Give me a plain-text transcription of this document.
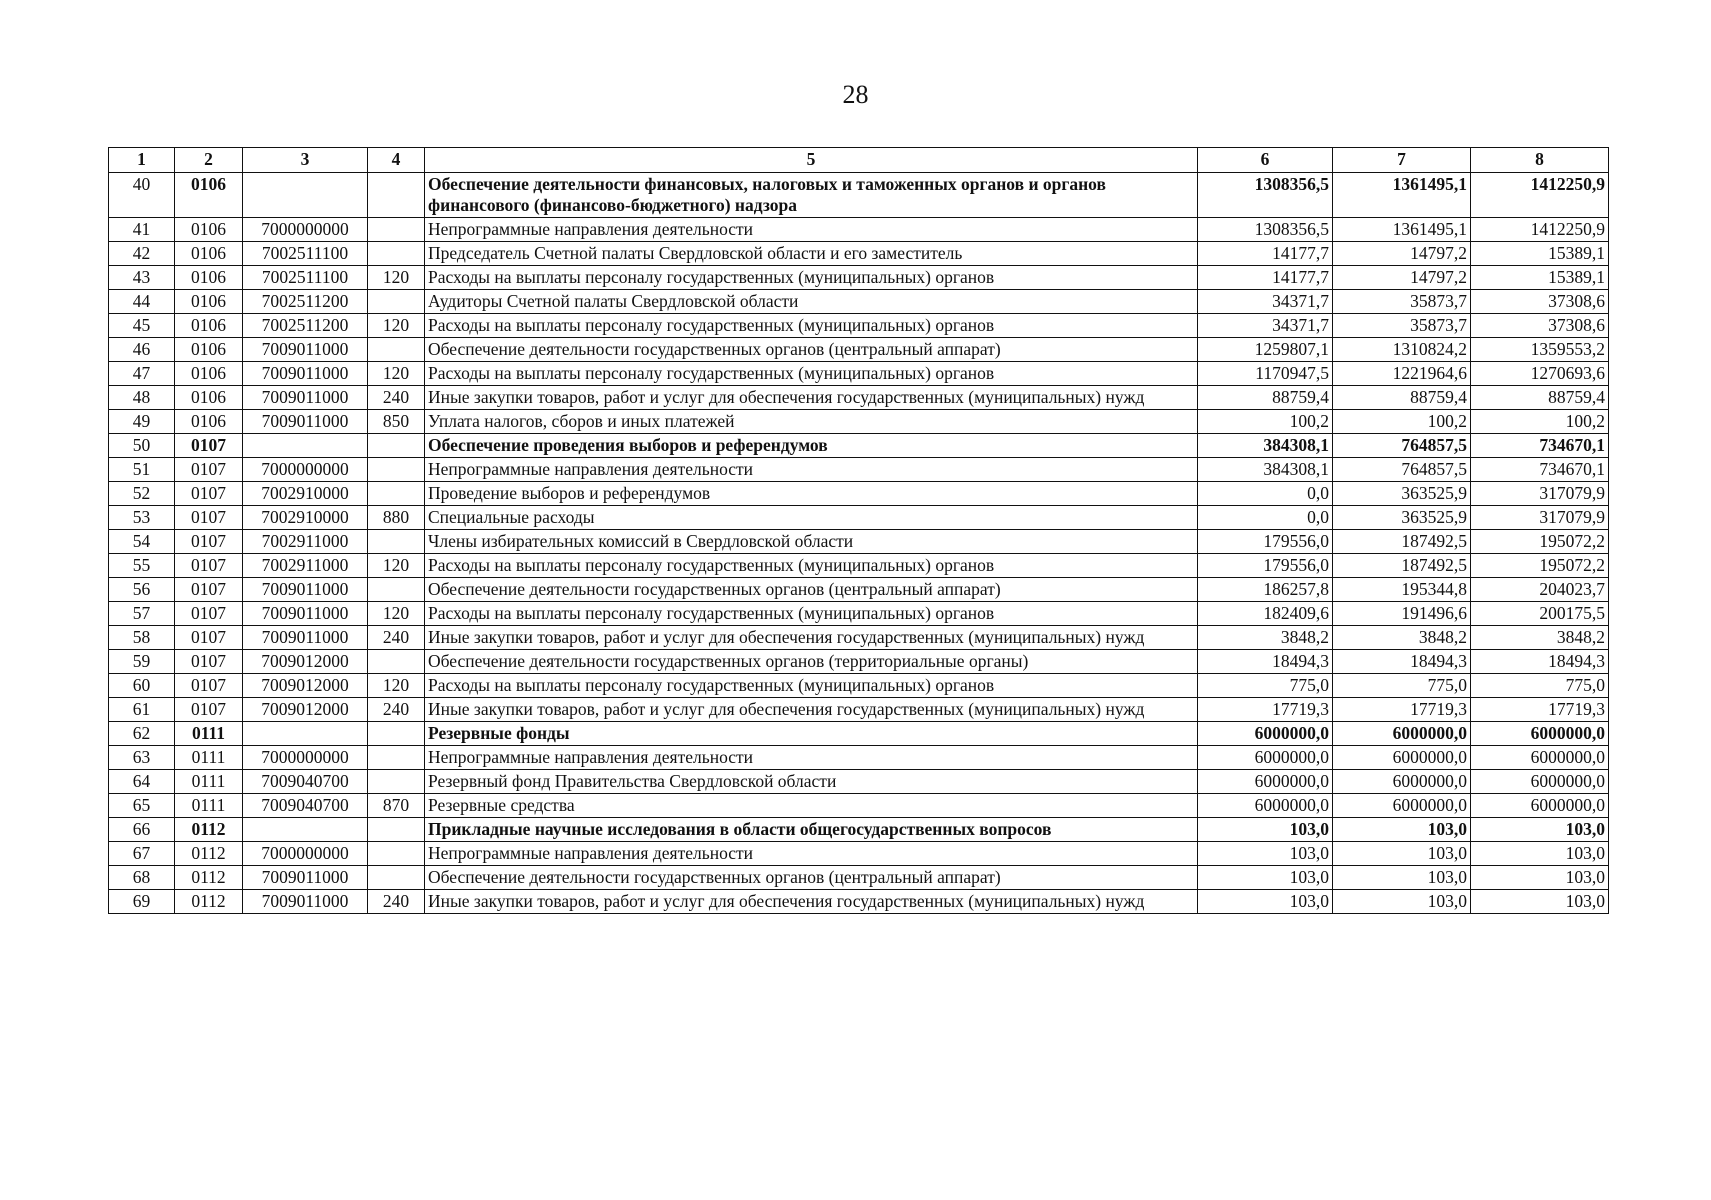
28
1	2	3	4	5	6	7	8
40	0106			Обеспечение деятельности финансовых, налоговых и таможенных органов и органов финансового (финансово-бюджетного) надзора	1308356,5	1361495,1	1412250,9
41	0106	7000000000		Непрограммные направления деятельности	1308356,5	1361495,1	1412250,9
42	0106	7002511100		Председатель Счетной палаты Свердловской области и его заместитель	14177,7	14797,2	15389,1
43	0106	7002511100	120	Расходы на выплаты персоналу государственных (муниципальных) органов	14177,7	14797,2	15389,1
44	0106	7002511200		Аудиторы Счетной палаты Свердловской области	34371,7	35873,7	37308,6
45	0106	7002511200	120	Расходы на выплаты персоналу государственных (муниципальных) органов	34371,7	35873,7	37308,6
46	0106	7009011000		Обеспечение деятельности государственных органов (центральный аппарат)	1259807,1	1310824,2	1359553,2
47	0106	7009011000	120	Расходы на выплаты персоналу государственных (муниципальных) органов	1170947,5	1221964,6	1270693,6
48	0106	7009011000	240	Иные закупки товаров, работ и услуг для обеспечения государственных (муниципальных) нужд	88759,4	88759,4	88759,4
49	0106	7009011000	850	Уплата налогов, сборов и иных платежей	100,2	100,2	100,2
50	0107			Обеспечение проведения выборов и референдумов	384308,1	764857,5	734670,1
51	0107	7000000000		Непрограммные направления деятельности	384308,1	764857,5	734670,1
52	0107	7002910000		Проведение выборов и референдумов	0,0	363525,9	317079,9
53	0107	7002910000	880	Специальные расходы	0,0	363525,9	317079,9
54	0107	7002911000		Члены избирательных комиссий в Свердловской области	179556,0	187492,5	195072,2
55	0107	7002911000	120	Расходы на выплаты персоналу государственных (муниципальных) органов	179556,0	187492,5	195072,2
56	0107	7009011000		Обеспечение деятельности государственных органов (центральный аппарат)	186257,8	195344,8	204023,7
57	0107	7009011000	120	Расходы на выплаты персоналу государственных (муниципальных) органов	182409,6	191496,6	200175,5
58	0107	7009011000	240	Иные закупки товаров, работ и услуг для обеспечения государственных (муниципальных) нужд	3848,2	3848,2	3848,2
59	0107	7009012000		Обеспечение деятельности государственных органов (территориальные органы)	18494,3	18494,3	18494,3
60	0107	7009012000	120	Расходы на выплаты персоналу государственных (муниципальных) органов	775,0	775,0	775,0
61	0107	7009012000	240	Иные закупки товаров, работ и услуг для обеспечения государственных (муниципальных) нужд	17719,3	17719,3	17719,3
62	0111			Резервные фонды	6000000,0	6000000,0	6000000,0
63	0111	7000000000		Непрограммные направления деятельности	6000000,0	6000000,0	6000000,0
64	0111	7009040700		Резервный фонд Правительства Свердловской области	6000000,0	6000000,0	6000000,0
65	0111	7009040700	870	Резервные средства	6000000,0	6000000,0	6000000,0
66	0112			Прикладные научные исследования в области общегосударственных вопросов	103,0	103,0	103,0
67	0112	7000000000		Непрограммные направления деятельности	103,0	103,0	103,0
68	0112	7009011000		Обеспечение деятельности государственных органов (центральный аппарат)	103,0	103,0	103,0
69	0112	7009011000	240	Иные закупки товаров, работ и услуг для обеспечения государственных (муниципальных) нужд	103,0	103,0	103,0
